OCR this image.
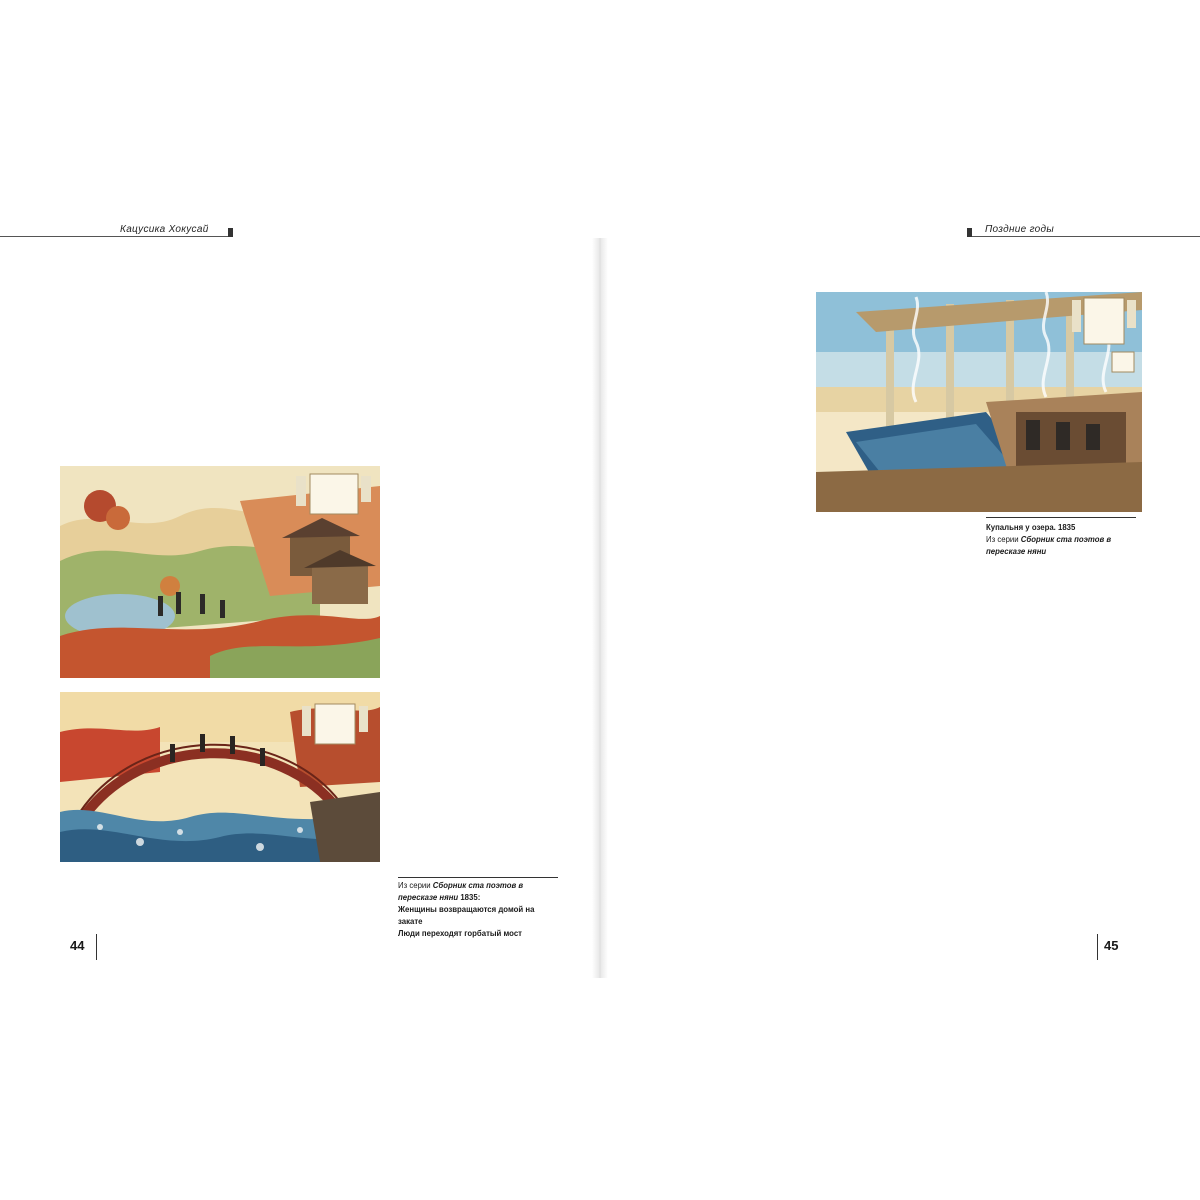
Кацусика Хокусай	Поздние годы
Из серии Сборник ста поэтов в пересказе няни 1835:
Женщины возвращаются домой на закате
Люди переходят горбатый мост
44
Купальня у озера. 1835
Из серии Сборник ста поэтов в пересказе няни
45
